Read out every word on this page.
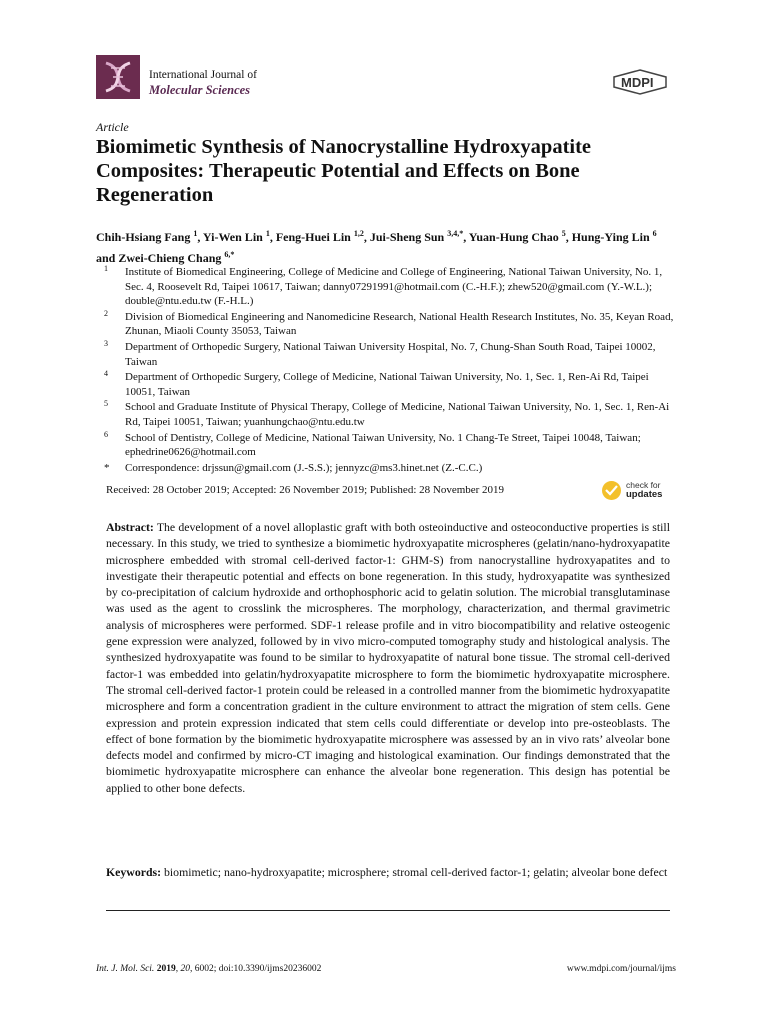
International Journal of
Molecular Sciences	MDPI
Article
Biomimetic Synthesis of Nanocrystalline Hydroxyapatite Composites: Therapeutic Potential and Effects on Bone Regeneration
Chih-Hsiang Fang $^1$, Yi-Wen Lin $^1$, Feng-Huei Lin $^{1,2}$, Jui-Sheng Sun $^{3,4,*}$, Yuan-Hung Chao $^5$, Hung-Ying Lin $^6$ and Zwei-Chieng Chang $^{6,*}$
1 Institute of Biomedical Engineering, College of Medicine and College of Engineering, National Taiwan University, No. 1, Sec. 4, Roosevelt Rd, Taipei 10617, Taiwan; danny07291991@hotmail.com (C.-H.F.); zhew520@gmail.com (Y.-W.L.); double@ntu.edu.tw (F.-H.L.)
2 Division of Biomedical Engineering and Nanomedicine Research, National Health Research Institutes, No. 35, Keyan Road, Zhunan, Miaoli County 35053, Taiwan
3 Department of Orthopedic Surgery, National Taiwan University Hospital, No. 7, Chung-Shan South Road, Taipei 10002, Taiwan
4 Department of Orthopedic Surgery, College of Medicine, National Taiwan University, No. 1, Sec. 1, Ren-Ai Rd, Taipei 10051, Taiwan
5 School and Graduate Institute of Physical Therapy, College of Medicine, National Taiwan University, No. 1, Sec. 1, Ren-Ai Rd, Taipei 10051, Taiwan; yuanhungchao@ntu.edu.tw
6 School of Dentistry, College of Medicine, National Taiwan University, No. 1 Chang-Te Street, Taipei 10048, Taiwan; ephedrine0626@hotmail.com
* Correspondence: drjssun@gmail.com (J.-S.S.); jennyzc@ms3.hinet.net (Z.-C.C.)
Received: 28 October 2019; Accepted: 26 November 2019; Published: 28 November 2019	check for
updates

Abstract: The development of a novel alloplastic graft with both osteoinductive and osteoconductive properties is still necessary. In this study, we tried to synthesize a biomimetic hydroxyapatite microspheres (gelatin/nano-hydroxyapatite microsphere embedded with stromal cell-derived factor-1: GHM-S) from nanocrystalline hydroxyapatites and to investigate their therapeutic potential and effects on bone regeneration. In this study, hydroxyapatite was synthesized by co-precipitation of calcium hydroxide and orthophosphoric acid to gelatin solution. The microbial transglutaminase was used as the agent to crosslink the microspheres. The morphology, characterization, and thermal gravimetric analysis of microspheres were performed. SDF-1 release profile and in vitro biocompatibility and relative osteogenic gene expression were analyzed, followed by in vivo micro-computed tomography study and histological analysis. The synthesized hydroxyapatite was found to be similar to hydroxyapatite of natural bone tissue. The stromal cell-derived factor-1 was embedded into gelatin/hydroxyapatite microsphere to form the biomimetic hydroxyapatite microsphere. The stromal cell-derived factor-1 protein could be released in a controlled manner from the biomimetic hydroxyapatite microsphere and form a concentration gradient in the culture environment to attract the migration of stem cells. Gene expression and protein expression indicated that stem cells could differentiate or develop into pre-osteoblasts. The effect of bone formation by the biomimetic hydroxyapatite microsphere was assessed by an in vivo rats’ alveolar bone defects model and confirmed by micro-CT imaging and histological examination. Our findings demonstrated that the biomimetic hydroxyapatite microsphere can enhance the alveolar bone regeneration. This design has potential be applied to other bone defects.

Keywords: biomimetic; nano-hydroxyapatite; microsphere; stromal cell-derived factor-1; gelatin; alveolar bone defect

Int. J. Mol. Sci. 2019, 20, 6002; doi:10.3390/ijms20236002	www.mdpi.com/journal/ijms
